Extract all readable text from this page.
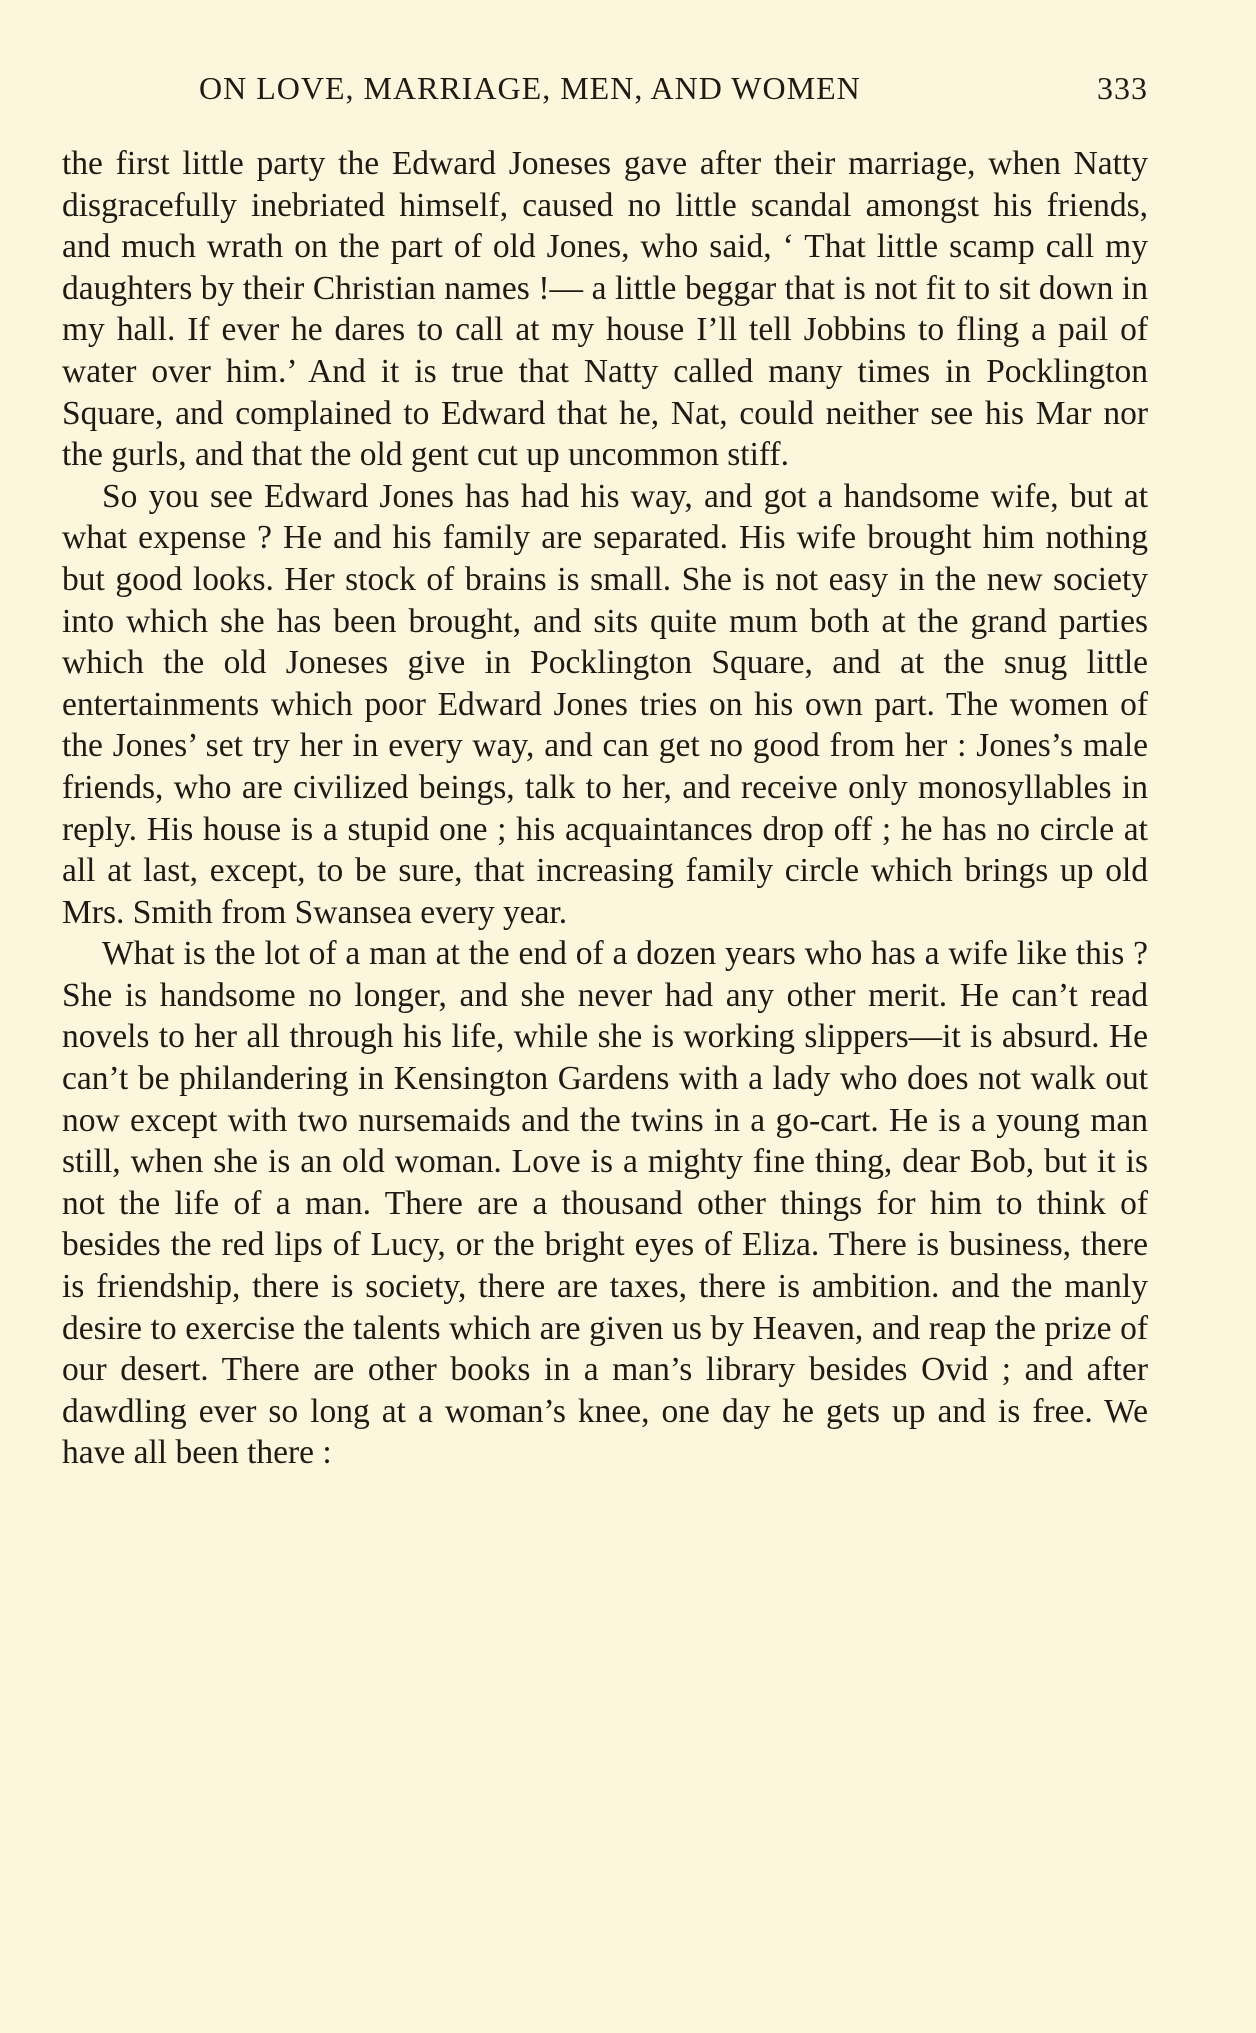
ON LOVE, MARRIAGE, MEN, AND WOMEN	333

the first little party the Edward Joneses gave after their marriage, when Natty disgracefully inebriated himself, caused no little scandal amongst his friends, and much wrath on the part of old Jones, who said, ‘ That little scamp call my daughters by their Christian names !— a little beggar that is not fit to sit down in my hall. If ever he dares to call at my house I’ll tell Jobbins to fling a pail of water over him.’ And it is true that Natty called many times in Pocklington Square, and complained to Edward that he, Nat, could neither see his Mar nor the gurls, and that the old gent cut up uncommon stiff.

So you see Edward Jones has had his way, and got a handsome wife, but at what expense ? He and his family are separated. His wife brought him nothing but good looks. Her stock of brains is small. She is not easy in the new society into which she has been brought, and sits quite mum both at the grand parties which the old Joneses give in Pocklington Square, and at the snug little entertainments which poor Edward Jones tries on his own part. The women of the Jones’ set try her in every way, and can get no good from her : Jones’s male friends, who are civilized beings, talk to her, and receive only monosyllables in reply. His house is a stupid one ; his acquaintances drop off ; he has no circle at all at last, except, to be sure, that increasing family circle which brings up old Mrs. Smith from Swansea every year.

What is the lot of a man at the end of a dozen years who has a wife like this ? She is handsome no longer, and she never had any other merit. He can’t read novels to her all through his life, while she is working slippers—it is absurd. He can’t be philandering in Kensington Gardens with a lady who does not walk out now except with two nursemaids and the twins in a go-cart. He is a young man still, when she is an old woman. Love is a mighty fine thing, dear Bob, but it is not the life of a man. There are a thousand other things for him to think of besides the red lips of Lucy, or the bright eyes of Eliza. There is business, there is friendship, there is society, there are taxes, there is ambition. and the manly desire to exercise the talents which are given us by Heaven, and reap the prize of our desert. There are other books in a man’s library besides Ovid ; and after dawdling ever so long at a woman’s knee, one day he gets up and is free. We have all been there :
